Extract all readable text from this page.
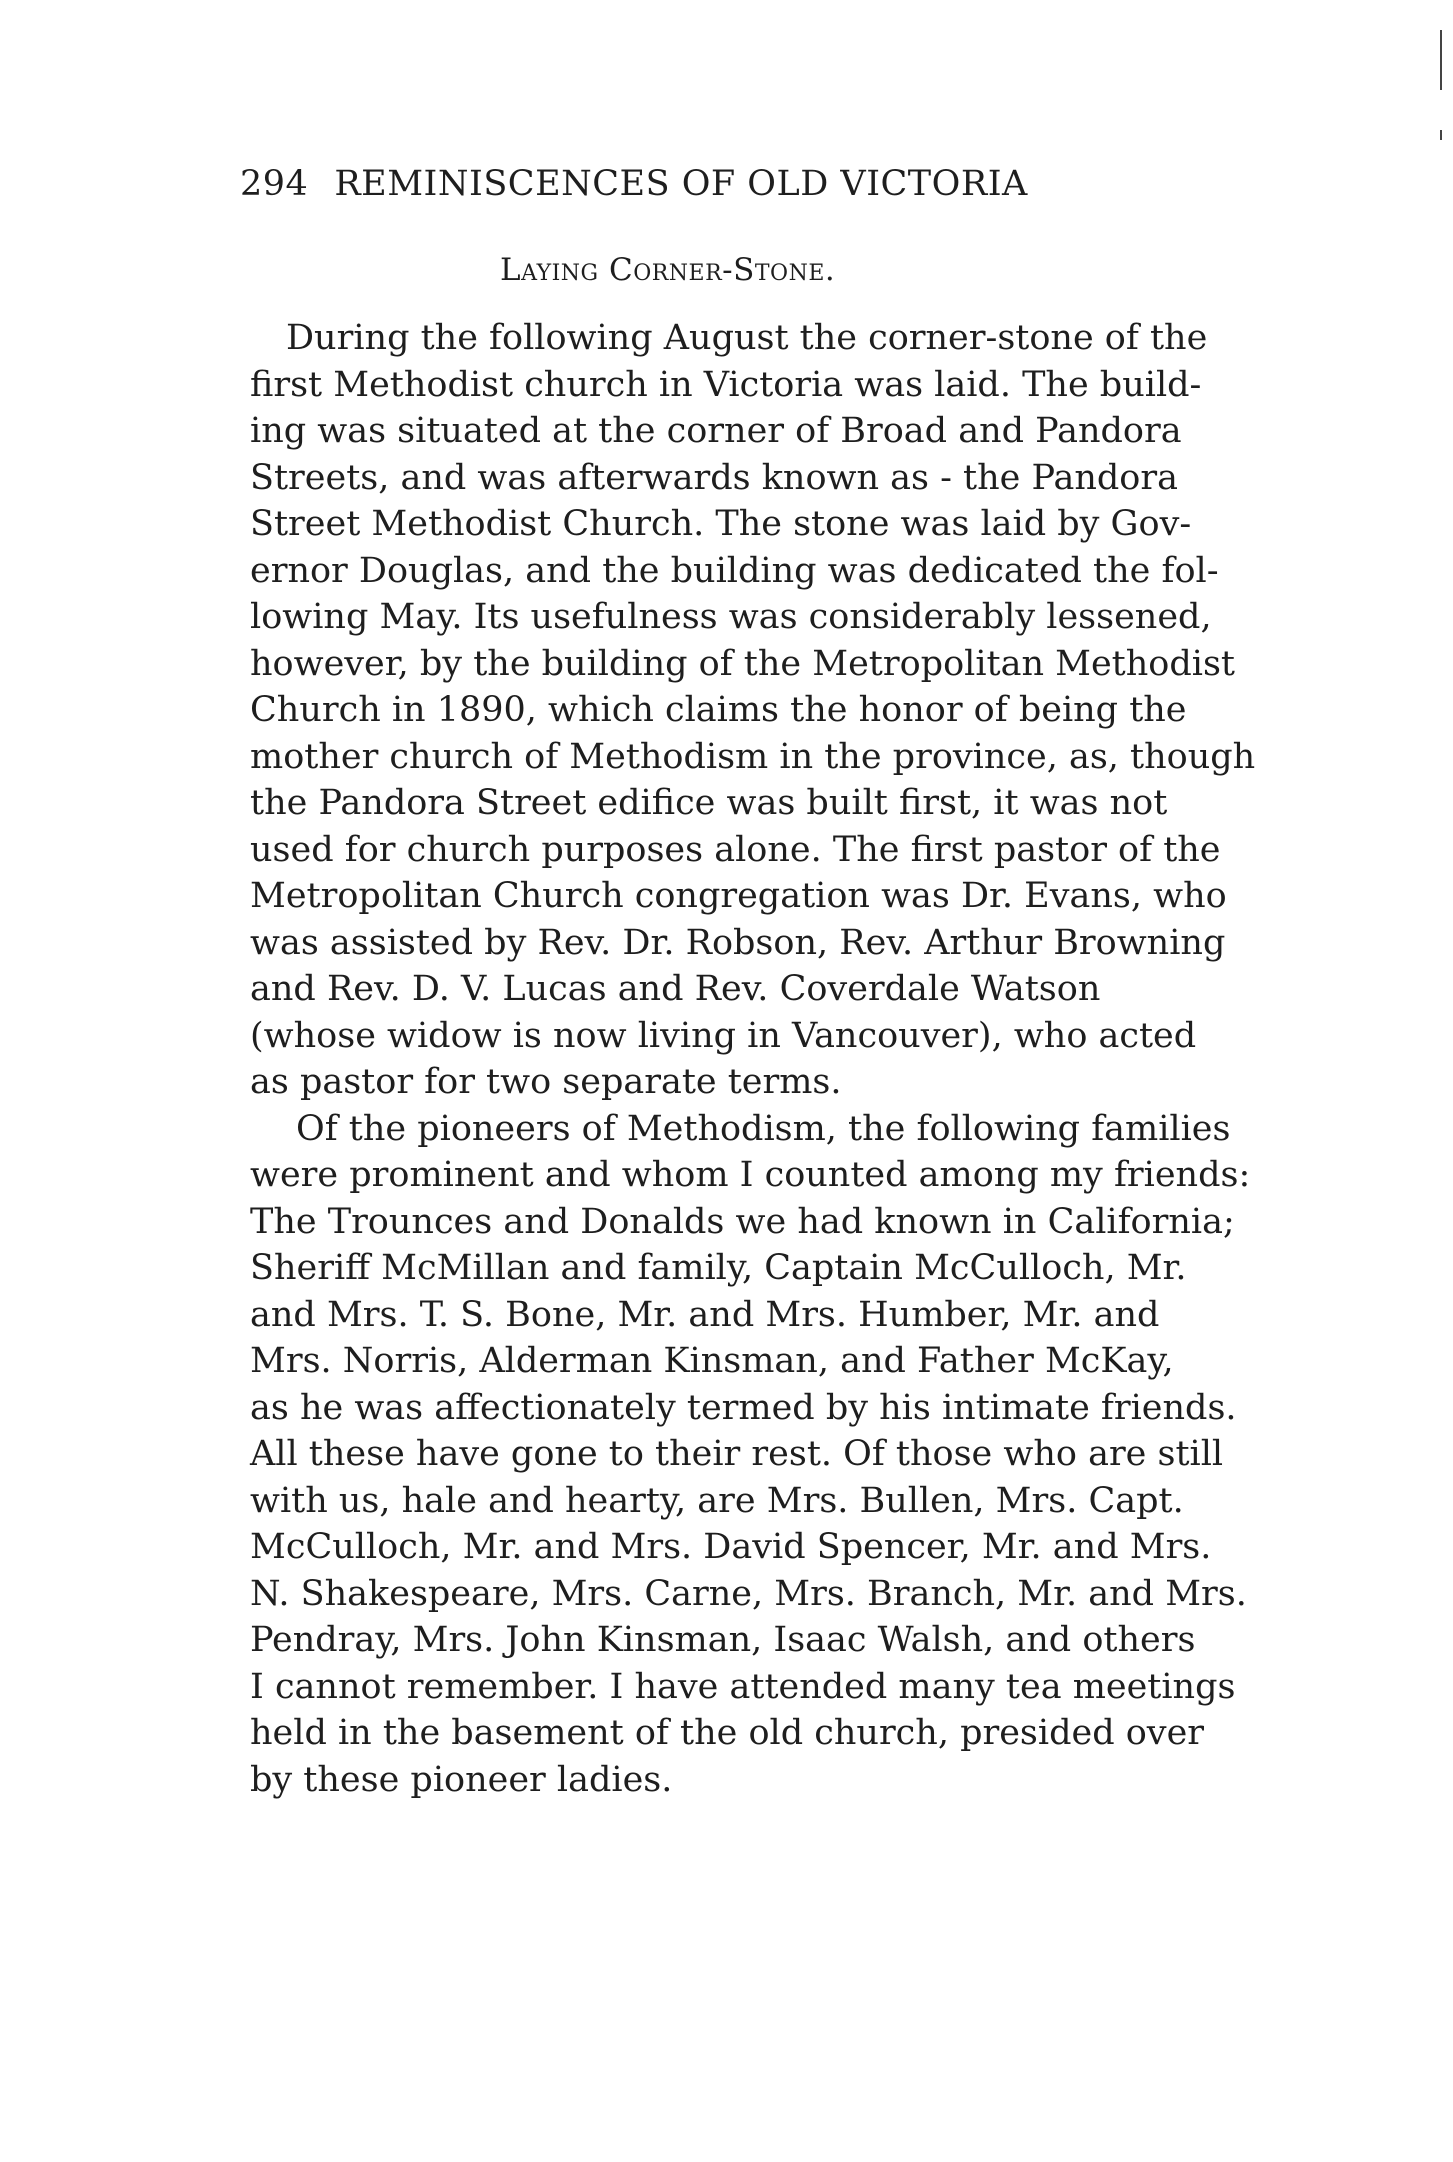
294 REMINISCENCES OF OLD VICTORIA
Laying Corner-Stone.
During the following August the corner-stone of the
first Methodist church in Victoria was laid. The build-
ing was situated at the corner of Broad and Pandora
Streets, and was afterwards known as - the Pandora
Street Methodist Church. The stone was laid by Gov-
ernor Douglas, and the building was dedicated the fol-
lowing May. Its usefulness was considerably lessened,
however, by the building of the Metropolitan Methodist
Church in 1890, which claims the honor of being the
mother church of Methodism in the province, as, though
the Pandora Street edifice was built first, it was not
used for church purposes alone. The first pastor of the
Metropolitan Church congregation was Dr. Evans, who
was assisted by Rev. Dr. Robson, Rev. Arthur Browning
and Rev. D. V. Lucas and Rev. Coverdale Watson
(whose widow is now living in Vancouver), who acted
as pastor for two separate terms.
Of the pioneers of Methodism, the following families
were prominent and whom I counted among my friends:
The Trounces and Donalds we had known in California;
Sheriff McMillan and family, Captain McCulloch, Mr.
and Mrs. T. S. Bone, Mr. and Mrs. Humber, Mr. and
Mrs. Norris, Alderman Kinsman, and Father McKay,
as he was affectionately termed by his intimate friends.
All these have gone to their rest. Of those who are still
with us, hale and hearty, are Mrs. Bullen, Mrs. Capt.
McCulloch, Mr. and Mrs. David Spencer, Mr. and Mrs.
N. Shakespeare, Mrs. Carne, Mrs. Branch, Mr. and Mrs.
Pendray, Mrs. John Kinsman, Isaac Walsh, and others
I cannot remember. I have attended many tea meetings
held in the basement of the old church, presided over
by these pioneer ladies.
